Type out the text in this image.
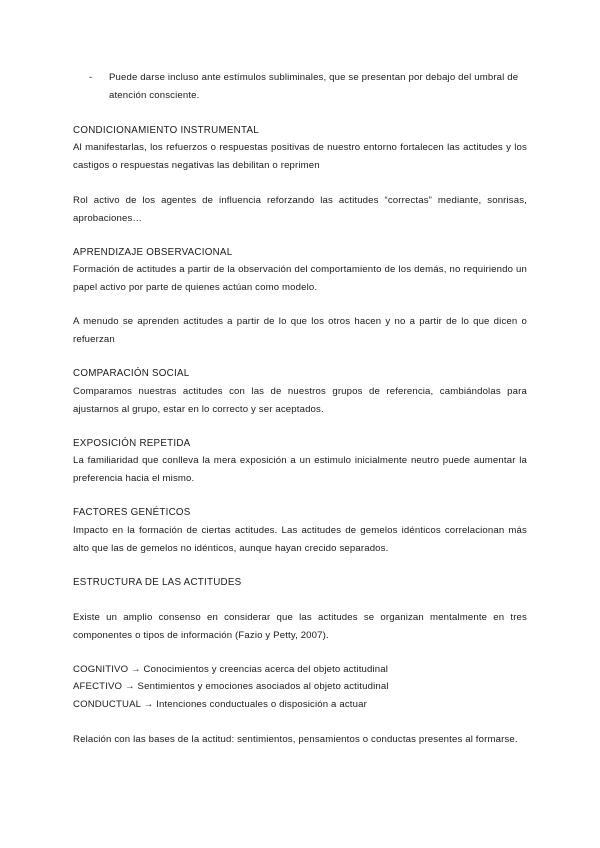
- Puede darse incluso ante estímulos subliminales, que se presentan por debajo del umbral de atención consciente.

CONDICIONAMIENTO INSTRUMENTAL

Al manifestarlas, los refuerzos o respuestas positivas de nuestro entorno fortalecen las actitudes y los castigos o respuestas negativas las debilitan o reprimen

Rol activo de los agentes de influencia reforzando las actitudes “correctas” mediante, sonrisas, aprobaciones…

APRENDIZAJE OBSERVACIONAL

Formación de actitudes a partir de la observación del comportamiento de los demás, no requiriendo un papel activo por parte de quienes actúan como modelo.

A menudo se aprenden actitudes a partir de lo que los otros hacen y no a partir de lo que dicen o refuerzan

COMPARACIÓN SOCIAL

Comparamos nuestras actitudes con las de nuestros grupos de referencia, cambiándolas para ajustarnos al grupo, estar en lo correcto y ser aceptados.

EXPOSICIÓN REPETIDA

La familiaridad que conlleva la mera exposición a un estimulo inicialmente neutro puede aumentar la preferencia hacia el mismo.

FACTORES GENÉTICOS

Impacto en la formación de ciertas actitudes. Las actitudes de gemelos idénticos correlacionan más alto que las de gemelos no idénticos, aunque hayan crecido separados.

ESTRUCTURA DE LAS ACTITUDES

Existe un amplio consenso en considerar que las actitudes se organizan mentalmente en tres componentes o tipos de información (Fazio y Petty, 2007).

COGNITIVO → Conocimientos y creencias acerca del objeto actitudinal

AFECTIVO → Sentimientos y emociones asociados al objeto actitudinal

CONDUCTUAL → Intenciones conductuales o disposición a actuar

Relación con las bases de la actitud: sentimientos, pensamientos o conductas presentes al formarse.
